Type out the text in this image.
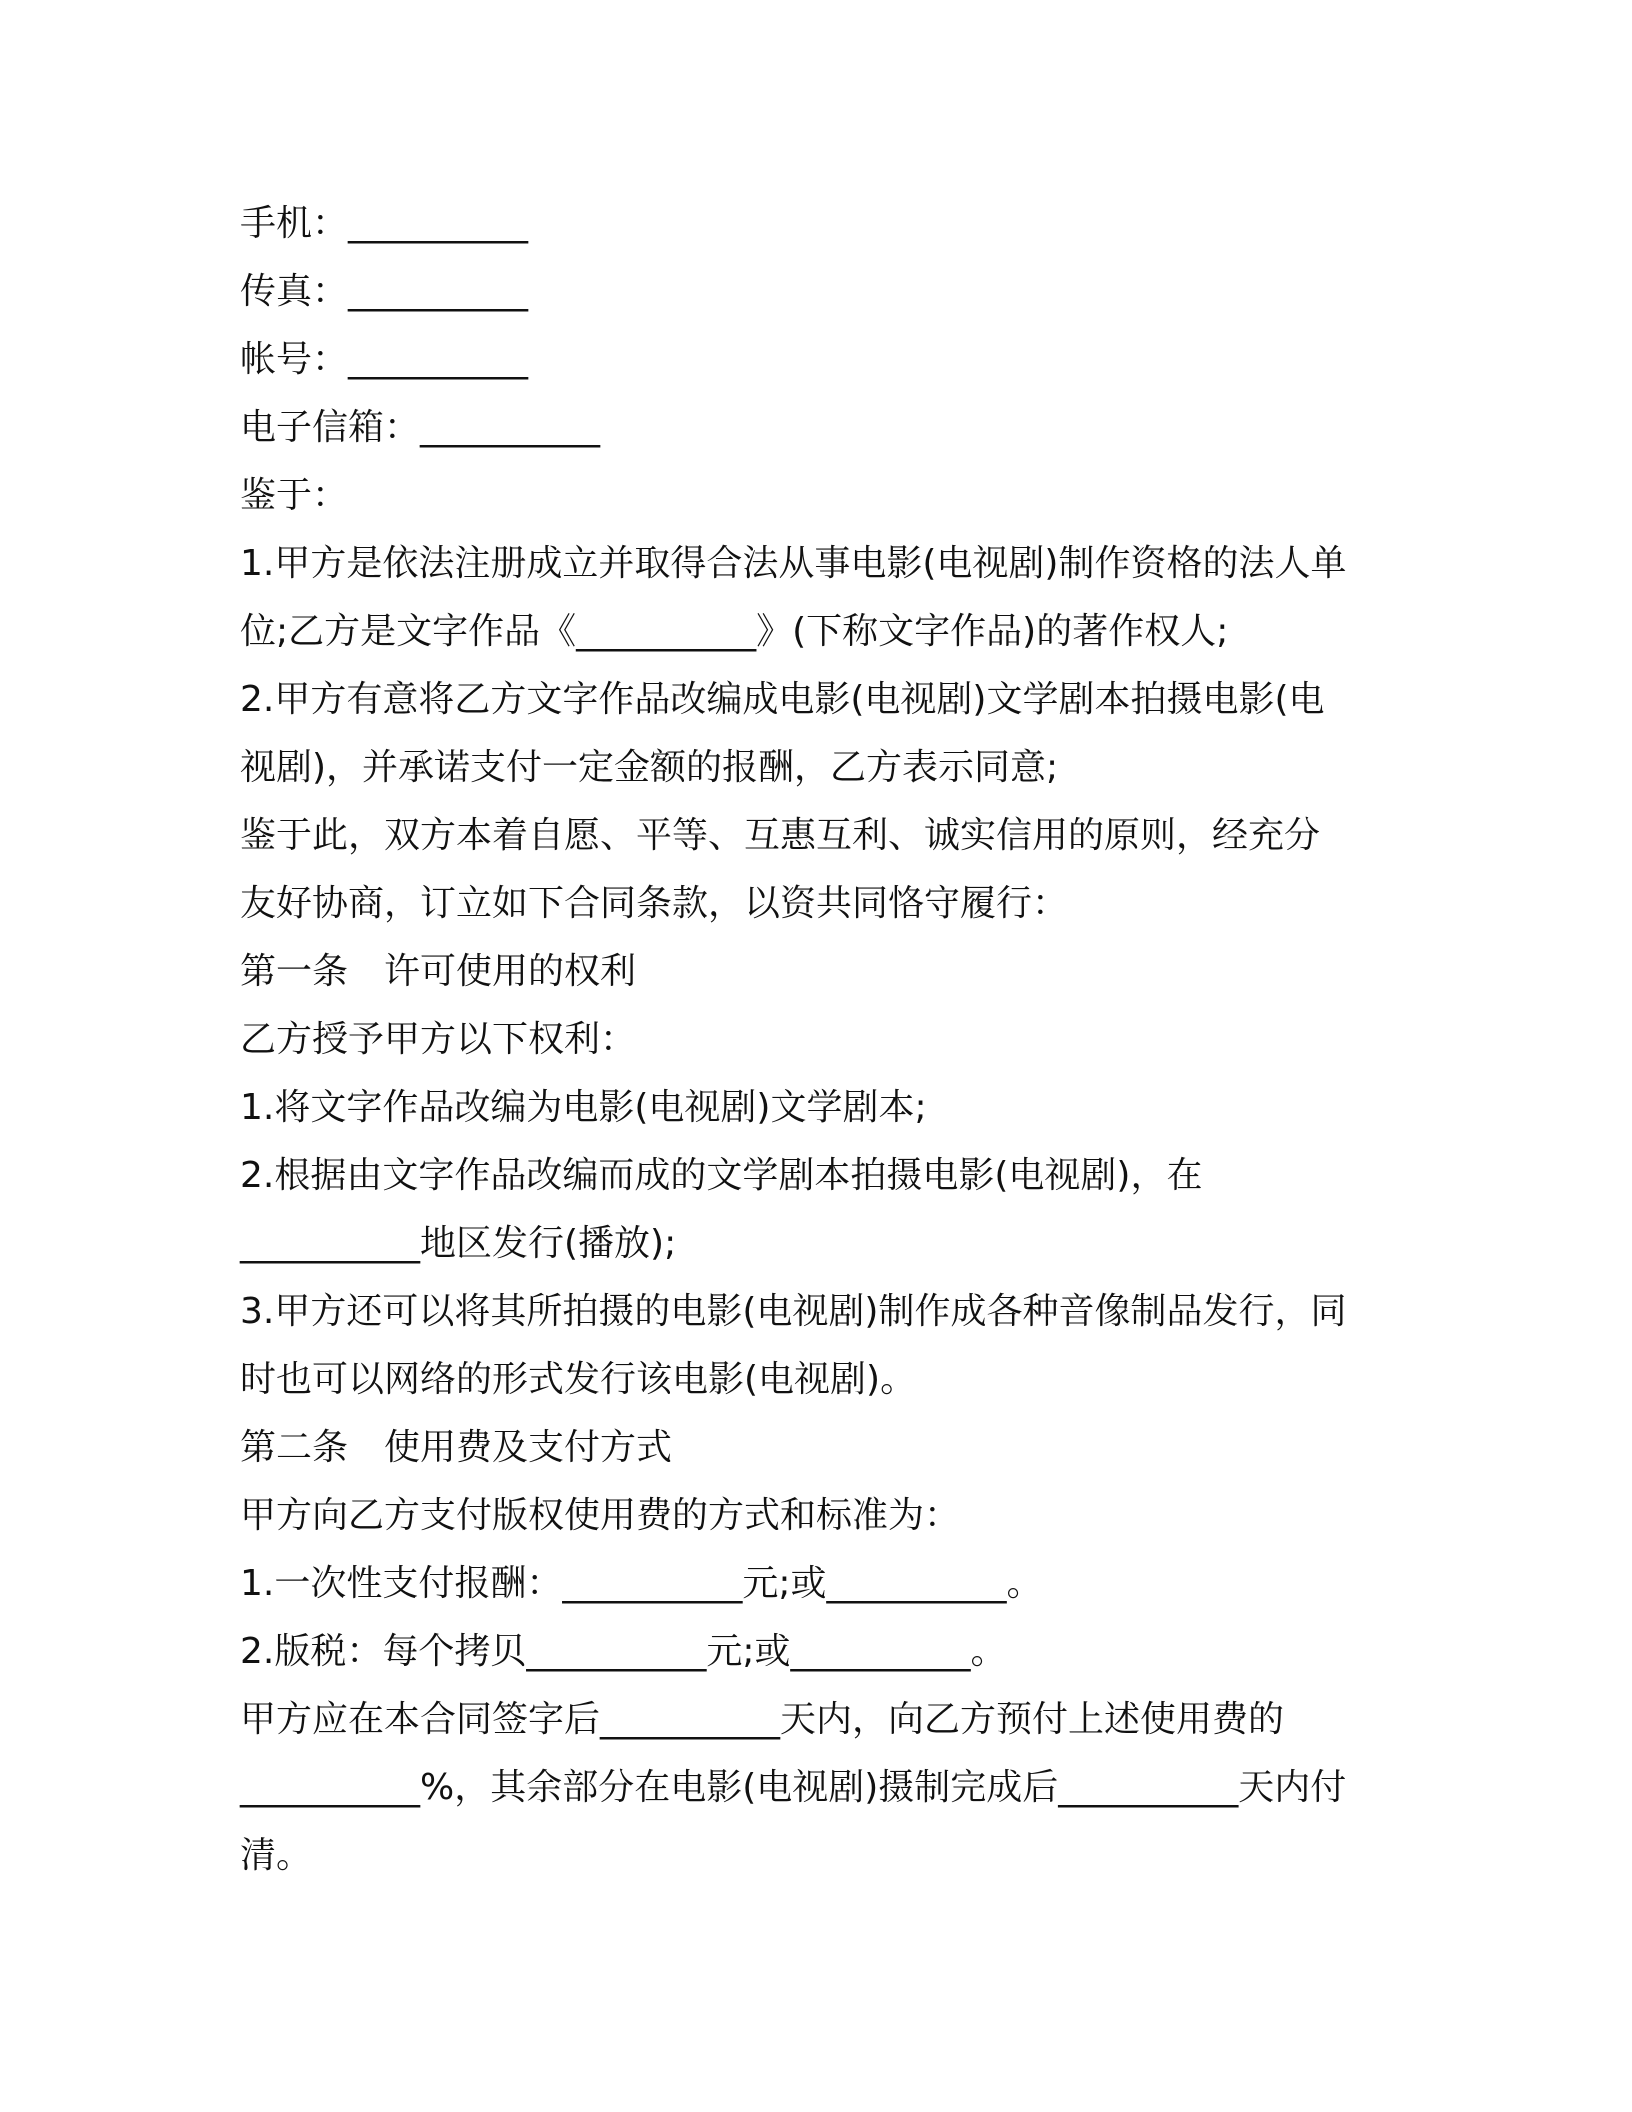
手机：__________
传真：__________
帐号：__________
电子信箱：__________
鉴于：
1.甲方是依法注册成立并取得合法从事电影(电视剧)制作资格的法人单
位;乙方是文字作品《__________》(下称文字作品)的著作权人;
2.甲方有意将乙方文字作品改编成电影(电视剧)文学剧本拍摄电影(电
视剧)，并承诺支付一定金额的报酬，乙方表示同意;
鉴于此，双方本着自愿、平等、互惠互利、诚实信用的原则，经充分
友好协商，订立如下合同条款，以资共同恪守履行：
第一条　许可使用的权利
乙方授予甲方以下权利：
1.将文字作品改编为电影(电视剧)文学剧本;
2.根据由文字作品改编而成的文学剧本拍摄电影(电视剧)，在
__________地区发行(播放);
3.甲方还可以将其所拍摄的电影(电视剧)制作成各种音像制品发行，同
时也可以网络的形式发行该电影(电视剧)。
第二条　使用费及支付方式
甲方向乙方支付版权使用费的方式和标准为：
1.一次性支付报酬：__________元;或__________。
2.版税：每个拷贝__________元;或__________。
甲方应在本合同签字后__________天内，向乙方预付上述使用费的
__________%，其余部分在电影(电视剧)摄制完成后__________天内付
清。
